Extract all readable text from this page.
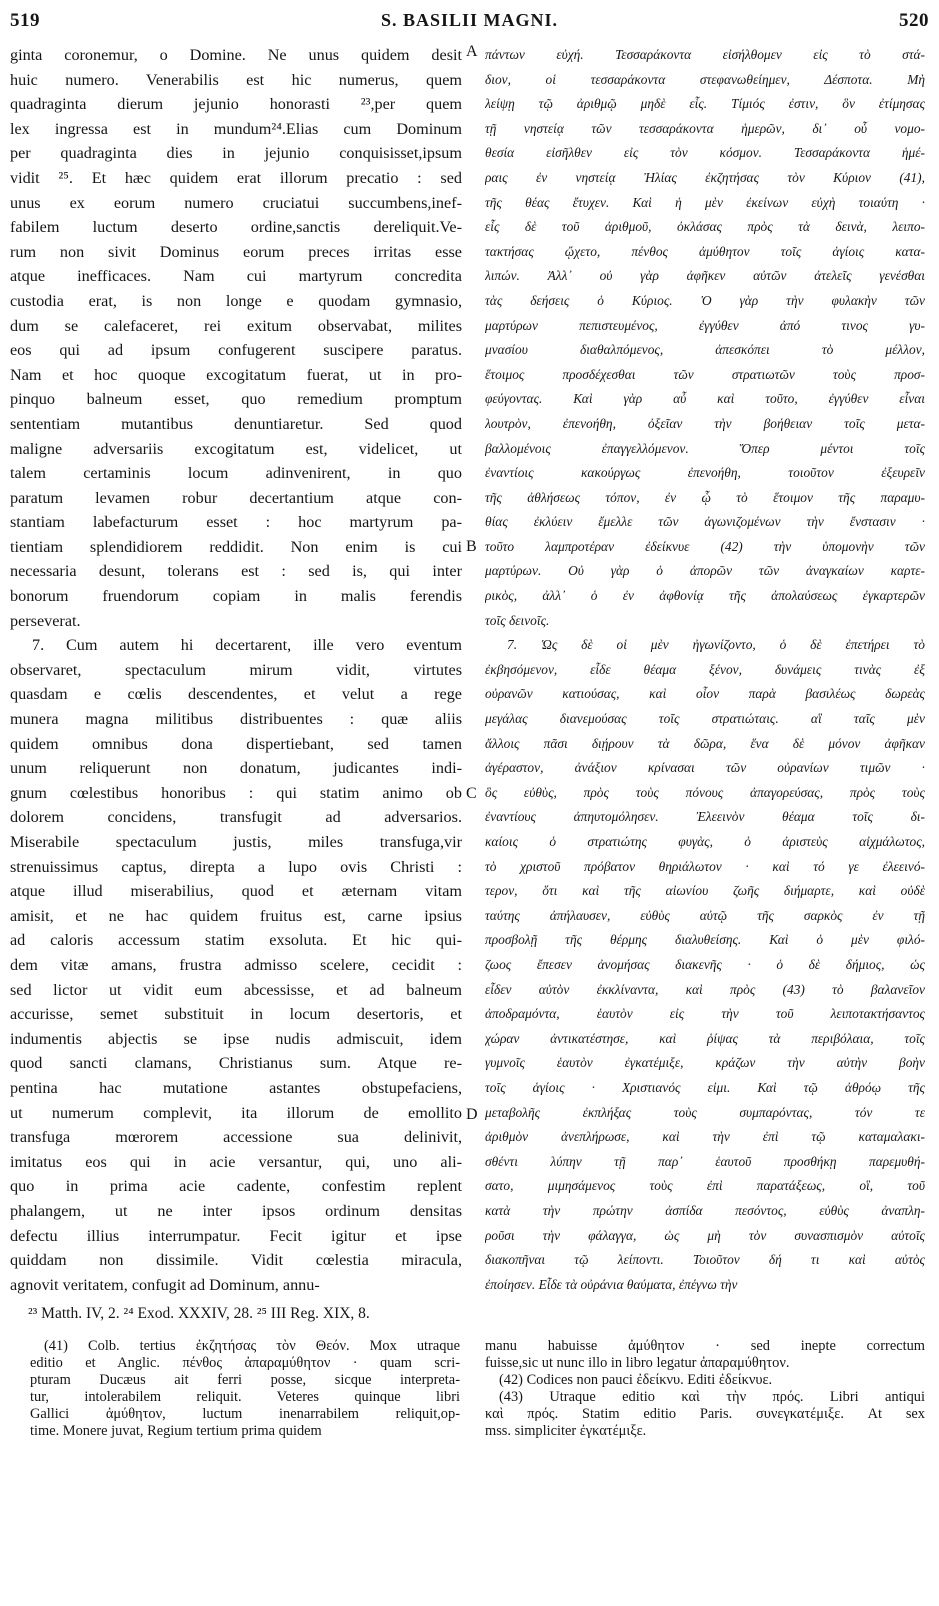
519	S. BASILII MAGNI.	520
ginta coronemur, o Domine. Ne unus quidem desit
huic numero. Venerabilis est hic numerus, quem
quadraginta dierum jejunio honorasti ²³,per quem
lex ingressa est in mundum²⁴.Elias cum Dominum
per quadraginta dies in jejunio conquisisset,ipsum
vidit ²⁵. Et hæc quidem erat illorum precatio : sed
unus ex eorum numero cruciatui succumbens,inef-
fabilem luctum deserto ordine,sanctis dereliquit.Ve-
rum non sivit Dominus eorum preces irritas esse
atque inefficaces. Nam cui martyrum concredita
custodia erat, is non longe e quodam gymnasio,
dum se calefaceret, rei exitum observabat, milites
eos qui ad ipsum confugerent suscipere paratus.
Nam et hoc quoque excogitatum fuerat, ut in pro-
pinquo balneum esset, quo remedium promptum
sententiam mutantibus denuntiaretur. Sed quod
maligne adversariis excogitatum est, videlicet, ut
talem certaminis locum adinvenirent, in quo
paratum levamen robur decertantium atque con-
stantiam labefacturum esset : hoc martyrum pa-
tientiam splendidiorem reddidit. Non enim is cui
necessaria desunt, tolerans est : sed is, qui inter
bonorum fruendorum copiam in malis ferendis
perseverat.
7. Cum autem hi decertarent, ille vero eventum
observaret, spectaculum mirum vidit, virtutes
quasdam e cœlis descendentes, et velut a rege
munera magna militibus distribuentes : quæ aliis
quidem omnibus dona dispertiebant, sed tamen
unum reliquerunt non donatum, judicantes indi-
gnum cœlestibus honoribus : qui statim animo ob
dolorem concidens, transfugit ad adversarios.
Miserabile spectaculum justis, miles transfuga,vir
strenuissimus captus, direpta a lupo ovis Christi :
atque illud miserabilius, quod et æternam vitam
amisit, et ne hac quidem fruitus est, carne ipsius
ad caloris accessum statim exsoluta. Et hic qui-
dem vitæ amans, frustra admisso scelere, cecidit :
sed lictor ut vidit eum abcessisse, et ad balneum
accurisse, semet substituit in locum desertoris, et
indumentis abjectis se ipse nudis admiscuit, idem
quod sancti clamans, Christianus sum. Atque re-
pentina hac mutatione astantes obstupefaciens,
ut numerum complevit, ita illorum de emollito
transfuga mœrorem accessione sua delinivit,
imitatus eos qui in acie versantur, qui, uno ali-
quo in prima acie cadente, confestim replent
phalangem, ut ne inter ipsos ordinum densitas
defectu illius interrumpatur. Fecit igitur et ipse
quiddam non dissimile. Vidit cœlestia miracula,
agnovit veritatem, confugit ad Dominum, annu-
πάντων εὐχή. Τεσσαράκοντα εἰσήλθομεν εἰς τὸ στά-
διον, οἱ τεσσαράκοντα στεφανωθείημεν, Δέσποτα. Μὴ
λείψῃ τῷ ἀριθμῷ μηδὲ εἷς. Τίμιός ἐστιν, ὃν ἐτίμησας
τῇ νηστείᾳ τῶν τεσσαράκοντα ἡμερῶν, δι᾽ οὗ νομο-
θεσία εἰσῆλθεν εἰς τὸν κόσμον. Τεσσαράκοντα ἡμέ-
ραις ἐν νηστείᾳ Ἠλίας ἐκζητήσας τὸν Κύριον (41),
τῆς θέας ἔτυχεν. Καὶ ἡ μὲν ἐκείνων εὐχὴ τοιαύτη ·
εἷς δὲ τοῦ ἀριθμοῦ, ὀκλάσας πρὸς τὰ δεινὰ, λειπο-
τακτήσας ᾤχετο, πένθος ἀμύθητον τοῖς ἁγίοις κατα-
λιπών. Ἀλλ᾽ οὐ γὰρ ἀφῆκεν αὐτῶν ἀτελεῖς γενέσθαι
τὰς δεήσεις ὁ Κύριος. Ὁ γὰρ τὴν φυλακὴν τῶν
μαρτύρων πεπιστευμένος, ἐγγύθεν ἀπό τινος γυ-
μνασίου διαθαλπόμενος, ἀπεσκόπει τὸ μέλλον,
ἕτοιμος προσδέχεσθαι τῶν στρατιωτῶν τοὺς προσ-
φεύγοντας. Καὶ γὰρ αὖ καὶ τοῦτο, ἐγγύθεν εἶναι
λουτρὸν, ἐπενοήθη, ὀξεῖαν τὴν βοήθειαν τοῖς μετα-
βαλλομένοις ἐπαγγελλόμενον. Ὅπερ μέντοι τοῖς
ἐναντίοις κακούργως ἐπενοήθη, τοιοῦτον ἐξευρεῖν
τῆς ἀθλήσεως τόπον, ἐν ᾧ τὸ ἕτοιμον τῆς παραμυ-
θίας ἐκλύειν ἔμελλε τῶν ἀγωνιζομένων τὴν ἔνστασιν ·
τοῦτο λαμπροτέραν ἐδείκνυε (42) τὴν ὑπομονὴν τῶν
μαρτύρων. Οὐ γὰρ ὁ ἀπορῶν τῶν ἀναγκαίων καρτε-
ρικὸς, ἀλλ᾽ ὁ ἐν ἀφθονίᾳ τῆς ἀπολαύσεως ἐγκαρτερῶν
τοῖς δεινοῖς.
7. Ὡς δὲ οἱ μὲν ἠγωνίζοντο, ὁ δὲ ἐπετήρει τὸ
ἐκβησόμενον, εἶδε θέαμα ξένον, δυνάμεις τινὰς ἐξ
οὐρανῶν κατιούσας, καὶ οἷον παρὰ βασιλέως δωρεὰς
μεγάλας διανεμούσας τοῖς στρατιώταις. αἳ ταῖς μὲν
ἄλλοις πᾶσι διῄρουν τὰ δῶρα, ἕνα δὲ μόνον ἀφῆκαν
ἀγέραστον, ἀνάξιον κρίνασαι τῶν οὐρανίων τιμῶν ·
ὃς εὐθὺς, πρὸς τοὺς πόνους ἀπαγορεύσας, πρὸς τοὺς
ἐναντίους ἀπηυτομόλησεν. Ἐλεεινὸν θέαμα τοῖς δι-
καίοις ὁ στρατιώτης φυγὰς, ὁ ἀριστεὺς αἰχμάλωτος,
τὸ χριστοῦ πρόβατον θηριάλωτον · καὶ τό γε ἐλεεινό-
τερον, ὅτι καὶ τῆς αἰωνίου ζωῆς διήμαρτε, καὶ οὐδὲ
ταύτης ἀπήλαυσεν, εὐθὺς αὐτῷ τῆς σαρκὸς ἐν τῇ
προσβολῇ τῆς θέρμης διαλυθείσης. Καὶ ὁ μὲν φιλό-
ζωος ἔπεσεν ἀνομήσας διακενῆς · ὁ δὲ δήμιος, ὡς
εἶδεν αὐτὸν ἐκκλίναντα, καὶ πρὸς (43) τὸ βαλανεῖον
ἀποδραμόντα, ἑαυτὸν εἰς τὴν τοῦ λειποτακτήσαντος
χώραν ἀντικατέστησε, καὶ ῥίψας τὰ περιβόλαια, τοῖς
γυμνοῖς ἑαυτὸν ἐγκατέμιξε, κράζων τὴν αὐτὴν βοὴν
τοῖς ἁγίοις · Χριστιανός εἰμι. Καὶ τῷ ἀθρόῳ τῆς
μεταβολῆς ἐκπλήξας τοὺς συμπαρόντας, τόν τε
ἀριθμὸν ἀνεπλήρωσε, καὶ τὴν ἐπὶ τῷ καταμαλακι-
σθέντι λύπην τῇ παρ᾽ ἑαυτοῦ προσθήκῃ παρεμυθή-
σατο, μιμησάμενος τοὺς ἐπὶ παρατάξεως, οἳ, τοῦ
κατὰ τὴν πρώτην ἀσπίδα πεσόντος, εὐθὺς ἀναπλη-
ροῦσι τὴν φάλαγγα, ὡς μὴ τὸν συνασπισμὸν αὐτοῖς
διακοπῆναι τῷ λείποντι. Τοιοῦτον δή τι καὶ αὐτὸς
ἐποίησεν. Εἶδε τὰ οὐράνια θαύματα, ἐπέγνω τὴν
A
B
C
D
²³ Matth. IV, 2. ²⁴ Exod. XXXIV, 28. ²⁵ III Reg. XIX, 8.
(41) Colb. tertius ἐκζητήσας τὸν Θεόν. Mox utraque
editio et Anglic. πένθος ἀπαραμύθητον · quam scri-
pturam Ducæus ait ferri posse, sicque interpreta-
tur, intolerabilem reliquit. Veteres quinque libri
Gallici ἀμύθητον, luctum inenarrabilem reliquit,op-
time. Monere juvat, Regium tertium prima quidem
manu habuisse ἀμύθητον · sed inepte correctum
fuisse,sic ut nunc illo in libro legatur ἀπαραμύθητον.
(42) Codices non pauci ἐδείκνυ. Editi ἐδείκνυε.
(43) Utraque editio καὶ τὴν πρός. Libri antiqui
καὶ πρός. Statim editio Paris. συνεγκατέμιξε. At sex
mss. simpliciter ἐγκατέμιξε.
